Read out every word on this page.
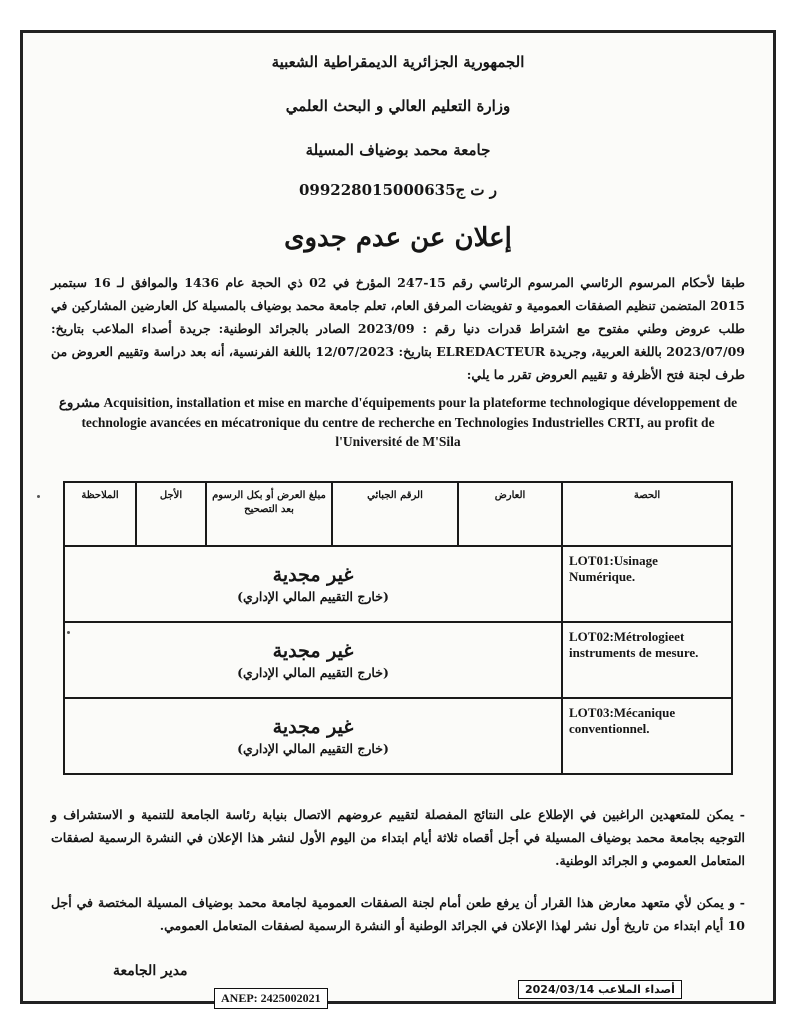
الجمهورية الجزائرية الديمقراطية الشعبية

وزارة التعليم العالي و البحث العلمي

جامعة محمد بوضياف المسيلة

ر ت ج099228015000635

إعلان عن عدم جدوى

طبقا لأحكام المرسوم الرئاسي المرسوم الرئاسي رقم 15-247 المؤرخ في 02 ذي الحجة عام 1436 والموافق لـ 16 سبتمبر 2015 المتضمن تنظيم الصفقات العمومية و تفويضات المرفق العام، تعلم جامعة محمد بوضياف بالمسيلة كل العارضين المشاركين في طلب عروض وطني مفتوح مع اشتراط قدرات دنيا رقم : 2023/09 الصادر بالجرائد الوطنية: جريدة أصداء الملاعب بتاريخ: 2023/07/09 باللغة العربية، وجريدة ELREDACTEUR بتاريخ: 12/07/2023 باللغة الفرنسية، أنه بعد دراسة وتقييم العروض من طرف لجنة فتح الأظرفة و تقييم العروض تقرر ما يلي:

مشروع Acquisition, installation et mise en marche d'équipements pour la plateforme technologique développement de technologie avancées en mécatronique du centre de recherche en Technologies Industrielles CRTI, au profit de l'Université de M'Sila

الملاحظة	الأجل	مبلغ العرض أو بكل الرسوم بعد التصحيح	الرقم الجبائي	العارض	الحصة

غير مجدية
(خارج التقييم المالي الإداري)					LOT01:Usinage Numérique.

غير مجدية
(خارج التقييم المالي الإداري)					LOT02:Métrologieet instruments de mesure.

غير مجدية
(خارج التقييم المالي الإداري)					LOT03:Mécanique conventionnel.

- يمكن للمتعهدين الراغبين في الإطلاع على النتائج المفصلة لتقييم عروضهم الاتصال بنيابة رئاسة الجامعة للتنمية و الاستشراف و التوجيه بجامعة محمد بوضياف المسيلة في أجل أقصاه ثلاثة أيام ابتداء من اليوم الأول لنشر هذا الإعلان في النشرة الرسمية لصفقات المتعامل العمومي و الجرائد الوطنية.

- و يمكن لأي متعهد معارض هذا القرار أن يرفع طعن أمام لجنة الصفقات العمومية لجامعة محمد بوضياف المسيلة المختصة في أجل 10 أيام ابتداء من تاريخ أول نشر لهذا الإعلان في الجرائد الوطنية أو النشرة الرسمية لصفقات المتعامل العمومي.

مدير الجامعة

ANEP: 2425002021
أصداء الملاعب 2024/03/14
